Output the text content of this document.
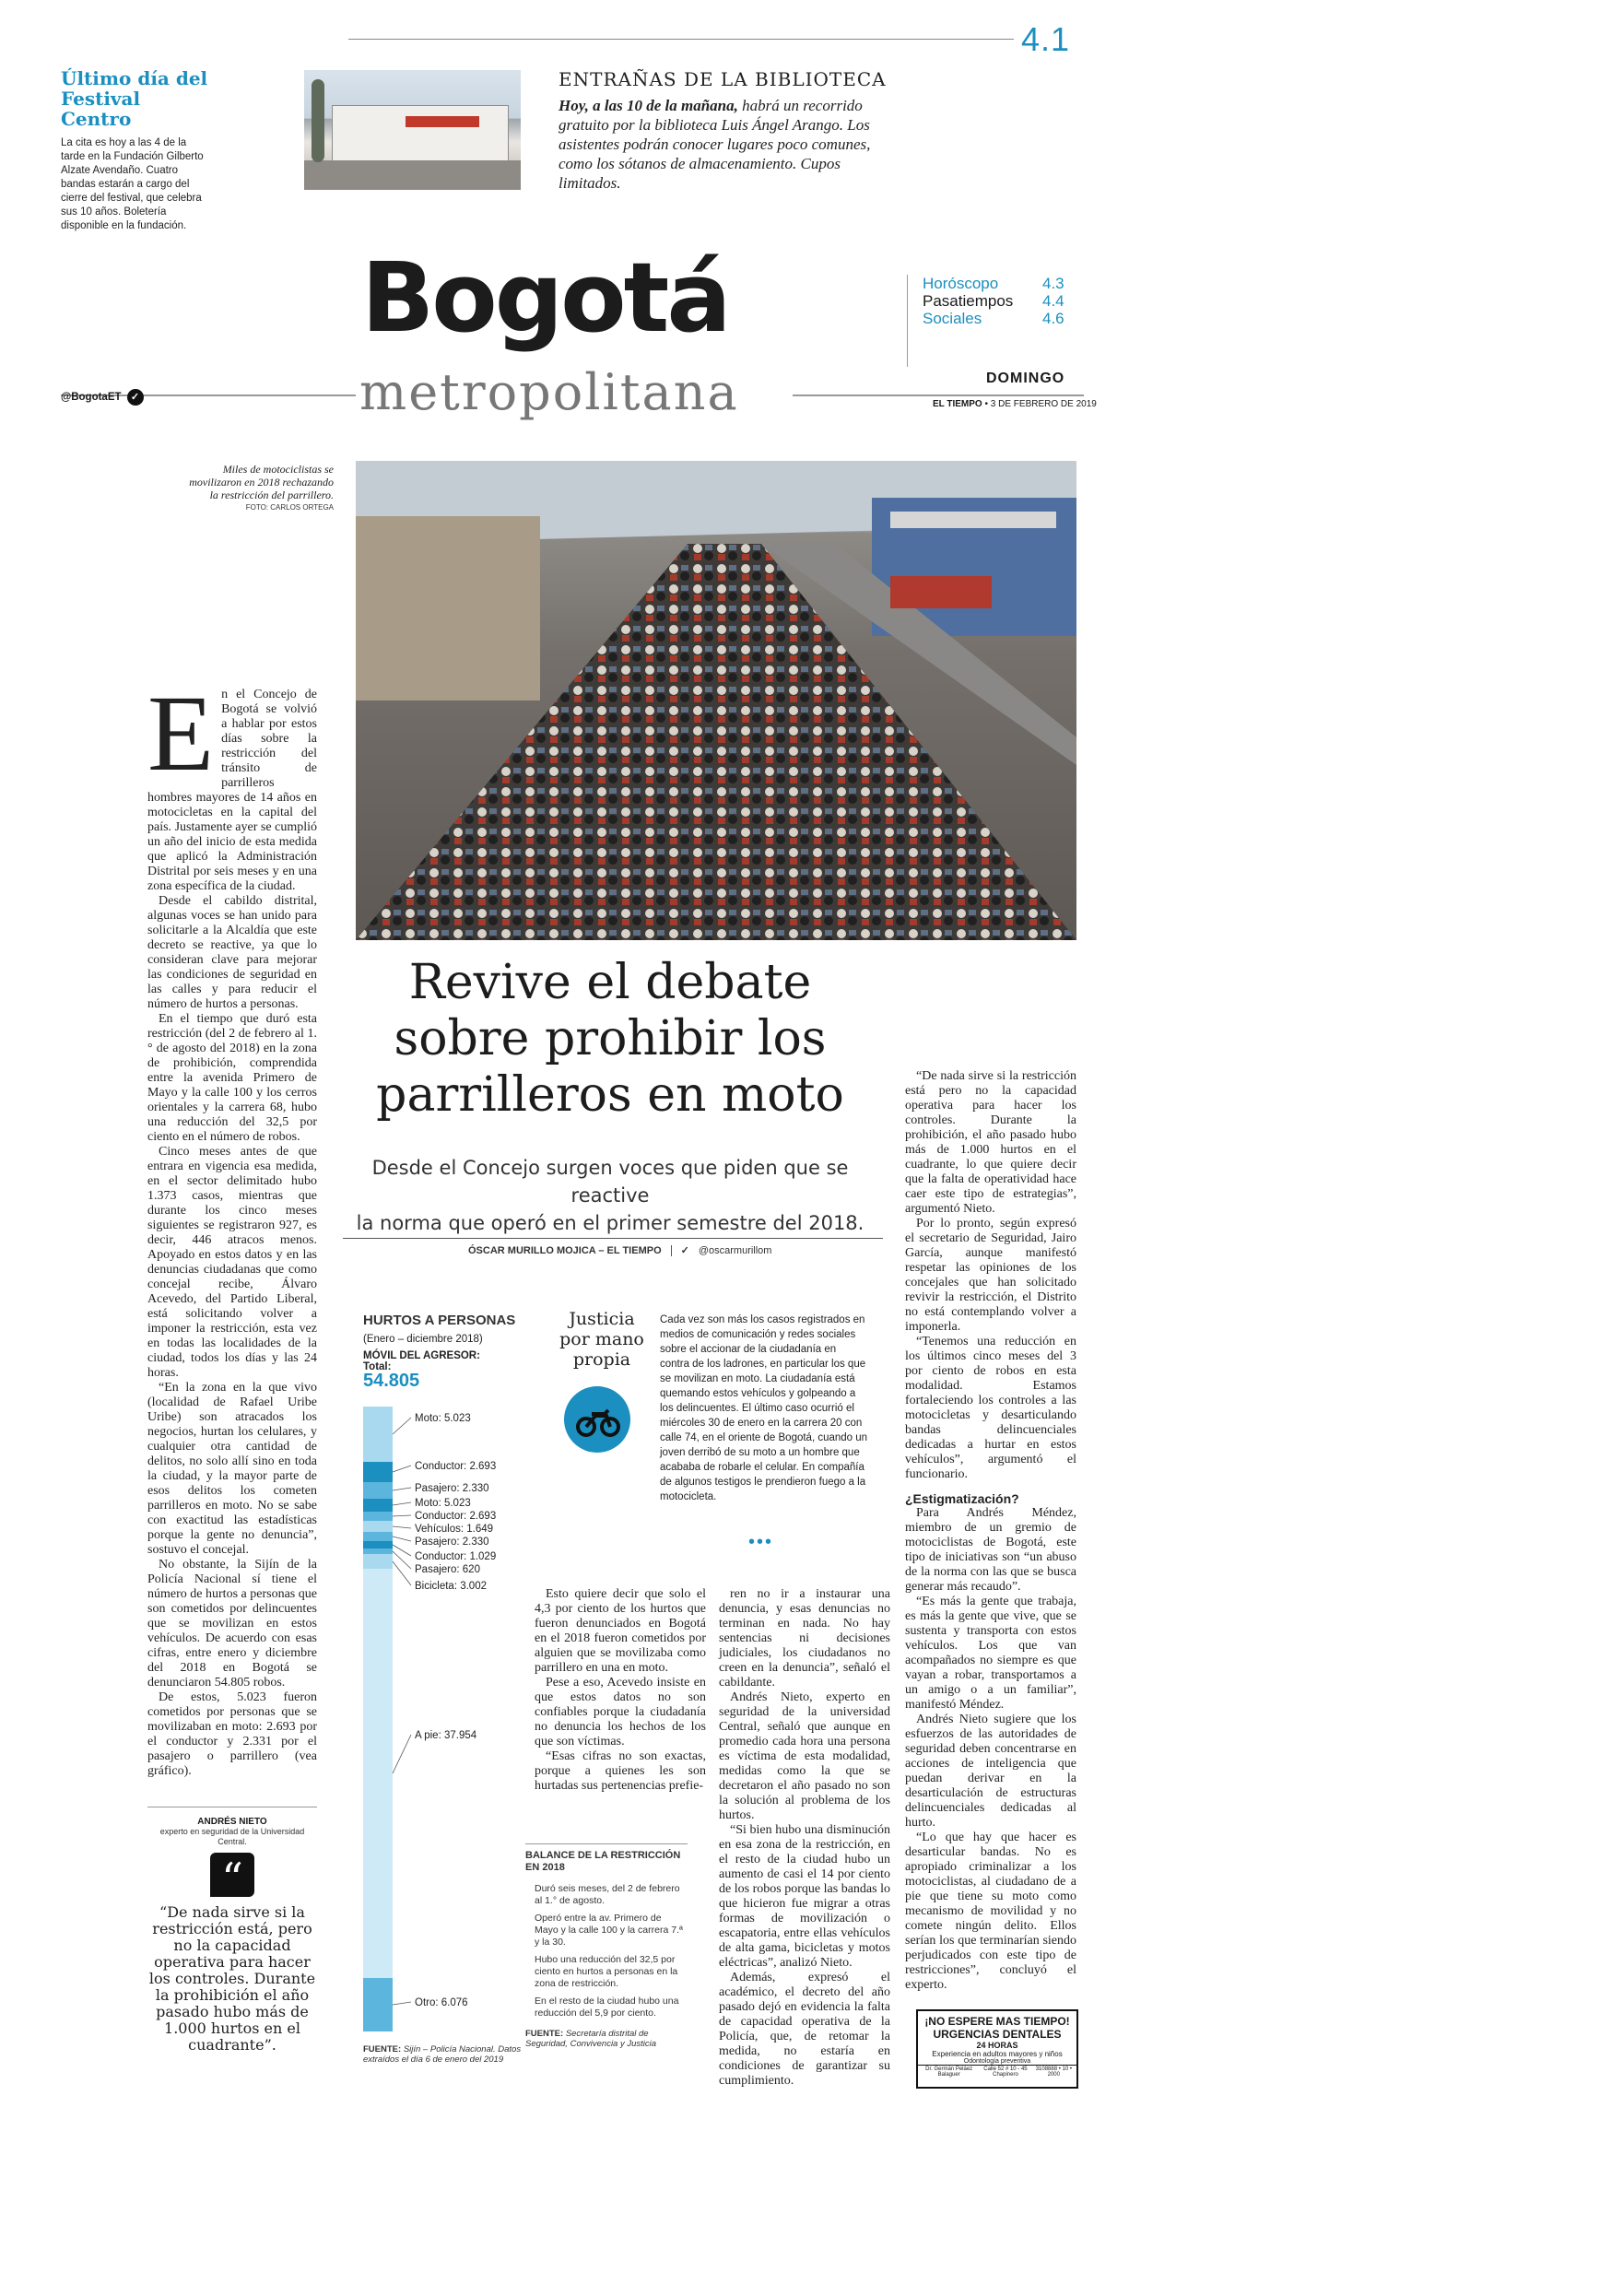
4.1
Último día del Festival Centro
La cita es hoy a las 4 de la tarde en la Fundación Gilberto Alzate Avendaño. Cuatro bandas estarán a cargo del cierre del festival, que celebra sus 10 años. Boletería disponible en la fundación.
ENTRAÑAS DE LA BIBLIOTECA
Hoy, a las 10 de la mañana, habrá un recorrido gratuito por la biblioteca Luis Ángel Arango. Los asistentes podrán conocer lugares poco comunes, como los sótanos de almacenamiento. Cupos limitados.
Bogotá
metropolitana
@BogotaET ✓
Horóscopo	4.3
Pasatiempos 4.4
Sociales	4.6
DOMINGO
EL TIEMPO • 3 DE FEBRERO DE 2019
Miles de motociclistas se movilizaron en 2018 rechazando la restricción del parrillero.
FOTO: CARLOS ORTEGA

En el Concejo de Bogotá se volvió a hablar por estos días sobre la restricción del tránsito de parrilleros hombres mayores de 14 años en motocicletas en la capital del país. Justamente ayer se cumplió un año del inicio de esta medida que aplicó la Administración Distrital por seis meses y en una zona específica de la ciudad.

Desde el cabildo distrital, algunas voces se han unido para solicitarle a la Alcaldía que este decreto se reactive, ya que lo consideran clave para mejorar las condiciones de seguridad en las calles y para reducir el número de hurtos a personas.

En el tiempo que duró esta restricción (del 2 de febrero al 1.° de agosto del 2018) en la zona de prohibición, comprendida entre la avenida Primero de Mayo y la calle 100 y los cerros orientales y la carrera 68, hubo una reducción del 32,5 por ciento en el número de robos.

Cinco meses antes de que entrara en vigencia esa medida, en el sector delimitado hubo 1.373 casos, mientras que durante los cinco meses siguientes se registraron 927, es decir, 446 atracos menos. Apoyado en estos datos y en las denuncias ciudadanas que como concejal recibe, Álvaro Acevedo, del Partido Liberal, está solicitando volver a imponer la restricción, esta vez en todas las localidades de la ciudad, todos los días y las 24 horas.

“En la zona en la que vivo (localidad de Rafael Uribe Uribe) son atracados los negocios, hurtan los celulares, y cualquier otra cantidad de delitos, no solo allí sino en toda la ciudad, y la mayor parte de esos delitos los cometen parrilleros en moto. No se sabe con exactitud las estadísticas porque la gente no denuncia”, sostuvo el concejal.

No obstante, la Sijín de la Policía Nacional sí tiene el número de hurtos a personas que son cometidos por delincuentes que se movilizan en estos vehículos. De acuerdo con esas cifras, entre enero y diciembre del 2018 en Bogotá se denunciaron 54.805 robos.

De estos, 5.023 fueron cometidos por personas que se movilizaban en moto: 2.693 por el conductor y 2.331 por el pasajero o parrillero (vea gráfico).

ANDRÉS NIETO
experto en seguridad de la Universidad Central.
“
“De nada sirve si la restricción está, pero no la capacidad operativa para hacer los controles. Durante la prohibición el año pasado hubo más de 1.000 hurtos en el cuadrante”.
Revive el debate
sobre prohibir los
parrilleros en moto
Desde el Concejo surgen voces que piden que se reactive
la norma que operó en el primer semestre del 2018.
ÓSCAR MURILLO MOJICA – EL TIEMPO ✓ @oscarmurillom
HURTOS A PERSONAS
(Enero – diciembre 2018)
MÓVIL DEL AGRESOR:
Total:
54.805
Moto: 5.023
Conductor: 2.693
Pasajero: 2.330
Moto: 5.023
Conductor: 2.693
Vehículos: 1.649
Pasajero: 2.330
Conductor: 1.029
Pasajero: 620
Bicicleta: 3.002
A pie: 37.954
Otro: 6.076
FUENTE: Sijín – Policía Nacional. Datos extraídos el día 6 de enero del 2019
Justicia
por mano
propia
Cada vez son más los casos registrados en medios de comunicación y redes sociales sobre el accionar de la ciudadanía en contra de los ladrones, en particular los que se movilizan en moto. La ciudadanía está quemando estos vehículos y golpeando a los delincuentes. El último caso ocurrió el miércoles 30 de enero en la carrera 20 con calle 74, en el oriente de Bogotá, cuando un joven derribó de su moto a un hombre que acababa de robarle el celular. En compañía de algunos testigos le prendieron fuego a la motocicleta.
•••

Esto quiere decir que solo el 4,3 por ciento de los hurtos que fueron denunciados en Bogotá en el 2018 fueron cometidos por alguien que se movilizaba como parrillero en una en moto.

Pese a eso, Acevedo insiste en que estos datos no son confiables porque la ciudadanía no denuncia los hechos de los que son víctimas.

“Esas cifras no son exactas, porque a quienes les son hurtadas sus pertenencias prefie-

BALANCE DE LA RESTRICCIÓN
EN 2018
Duró seis meses, del 2 de febrero al 1.° de agosto.
Operó entre la av. Primero de Mayo y la calle 100 y la carrera 7.ª y la 30.
Hubo una reducción del 32,5 por ciento en hurtos a personas en la zona de restricción.
En el resto de la ciudad hubo una reducción del 5,9 por ciento.
FUENTE: Secretaría distrital de Seguridad, Convivencia y Justicia

ren no ir a instaurar una denuncia, y esas denuncias no terminan en nada. No hay sentencias ni decisiones judiciales, los ciudadanos no creen en la denuncia”, señaló el cabildante.

Andrés Nieto, experto en seguridad de la universidad Central, señaló que aunque en promedio cada hora una persona es víctima de esta modalidad, medidas como la que se decretaron el año pasado no son la solución al problema de los hurtos.

“Si bien hubo una disminución en esa zona de la restricción, en el resto de la ciudad hubo un aumento de casi el 14 por ciento de los robos porque las bandas lo que hicieron fue migrar a otras formas de movilización o escapatoria, entre ellas vehículos de alta gama, bicicletas y motos eléctricas”, analizó Nieto.

Además, expresó el académico, el decreto del año pasado dejó en evidencia la falta de capacidad operativa de la Policía, que, de retomar la medida, no estaría en condiciones de garantizar su cumplimiento.

“De nada sirve si la restricción está pero no la capacidad operativa para hacer los controles. Durante la prohibición, el año pasado hubo más de 1.000 hurtos en el cuadrante, lo que quiere decir que la falta de operatividad hace caer este tipo de estrategias”, argumentó Nieto.

Por lo pronto, según expresó el secretario de Seguridad, Jairo García, aunque manifestó respetar las opiniones de los concejales que han solicitado revivir la restricción, el Distrito no está contemplando volver a imponerla.

“Tenemos una reducción en los últimos cinco meses del 3 por ciento de robos en esta modalidad. Estamos fortaleciendo los controles a las motocicletas y desarticulando bandas delincuenciales dedicadas a hurtar en estos vehículos”, argumentó el funcionario.

¿Estigmatización?

Para Andrés Méndez, miembro de un gremio de motociclistas de Bogotá, este tipo de iniciativas son “un abuso de la norma con las que se busca generar más recaudo”.

“Es más la gente que trabaja, es más la gente que vive, que se sustenta y transporta con estos vehículos. Los que van acompañados no siempre es que vayan a robar, transportamos a un amigo o a un familiar”, manifestó Méndez.

Andrés Nieto sugiere que los esfuerzos de las autoridades de seguridad deben concentrarse en acciones de inteligencia que puedan derivar en la desarticulación de estructuras delincuenciales dedicadas al hurto.

“Lo que hay que hacer es desarticular bandas. No es apropiado criminalizar a los motociclistas, al ciudadano de a pie que tiene su moto como mecanismo de movilidad y no comete ningún delito. Ellos serían los que terminarían siendo perjudicados con este tipo de restricciones”, concluyó el experto.

¡NO ESPERE MAS TIEMPO!
URGENCIAS DENTALES
24 HORAS
Experiencia en adultos mayores y niños
Odontología preventiva
Dr. Germán Peláez Balaguer
Calle 52 # 10 - 45 Chapinero
3108888 • 10 • 2000
